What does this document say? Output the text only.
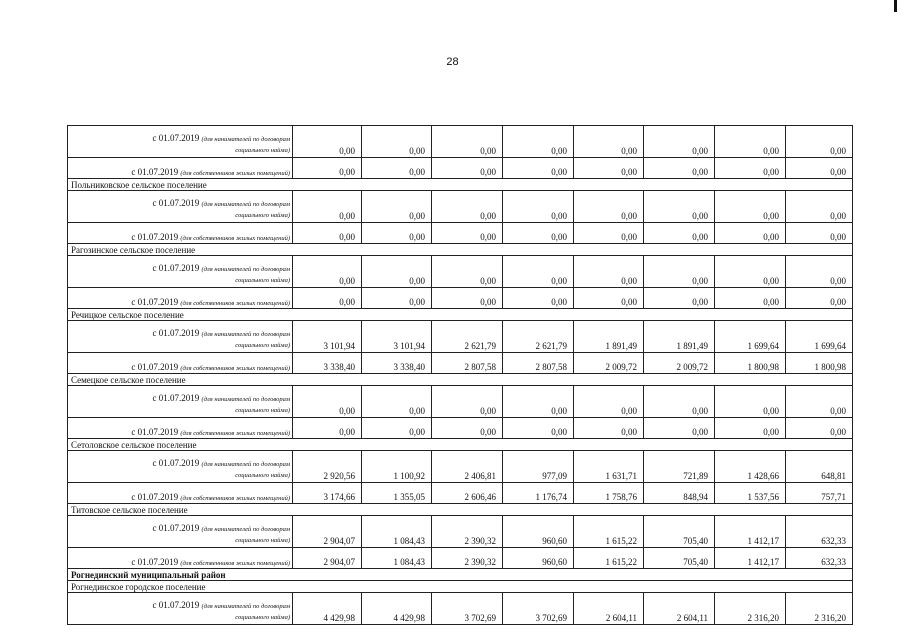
28
с 01.07.2019 (для нанимателей по договорам
социального найма)	0,00	0,00	0,00	0,00	0,00	0,00	0,00	0,00
с 01.07.2019 (для собственников жилых помещений)	0,00	0,00	0,00	0,00	0,00	0,00	0,00	0,00
Польниковское сельское поселение								

с 01.07.2019 (для нанимателей по договорам
социального найма)	0,00	0,00	0,00	0,00	0,00	0,00	0,00	0,00
с 01.07.2019 (для собственников жилых помещений)	0,00	0,00	0,00	0,00	0,00	0,00	0,00	0,00
Рагозинское сельское поселение								

с 01.07.2019 (для нанимателей по договорам
социального найма)	0,00	0,00	0,00	0,00	0,00	0,00	0,00	0,00
с 01.07.2019 (для собственников жилых помещений)	0,00	0,00	0,00	0,00	0,00	0,00	0,00	0,00
Речицкое сельское поселение								

с 01.07.2019 (для нанимателей по договорам
социального найма)	3 101,94	3 101,94	2 621,79	2 621,79	1 891,49	1 891,49	1 699,64	1 699,64
с 01.07.2019 (для собственников жилых помещений)	3 338,40	3 338,40	2 807,58	2 807,58	2 009,72	2 009,72	1 800,98	1 800,98
Семецкое сельское поселение								

с 01.07.2019 (для нанимателей по договорам
социального найма)	0,00	0,00	0,00	0,00	0,00	0,00	0,00	0,00
с 01.07.2019 (для собственников жилых помещений)	0,00	0,00	0,00	0,00	0,00	0,00	0,00	0,00
Сетоловское сельское поселение								

с 01.07.2019 (для нанимателей по договорам
социального найма)	2 920,56	1 100,92	2 406,81	977,09	1 631,71	721,89	1 428,66	648,81
с 01.07.2019 (для собственников жилых помещений)	3 174,66	1 355,05	2 606,46	1 176,74	1 758,76	848,94	1 537,56	757,71
Титовское сельское поселение								

с 01.07.2019 (для нанимателей по договорам
социального найма)	2 904,07	1 084,43	2 390,32	960,60	1 615,22	705,40	1 412,17	632,33
с 01.07.2019 (для собственников жилых помещений)	2 904,07	1 084,43	2 390,32	960,60	1 615,22	705,40	1 412,17	632,33
Рогнединский муниципальный район								
Рогнединское городское поселение								

с 01.07.2019 (для нанимателей по договорам
социального найма)	4 429,98	4 429,98	3 702,69	3 702,69	2 604,11	2 604,11	2 316,20	2 316,20
